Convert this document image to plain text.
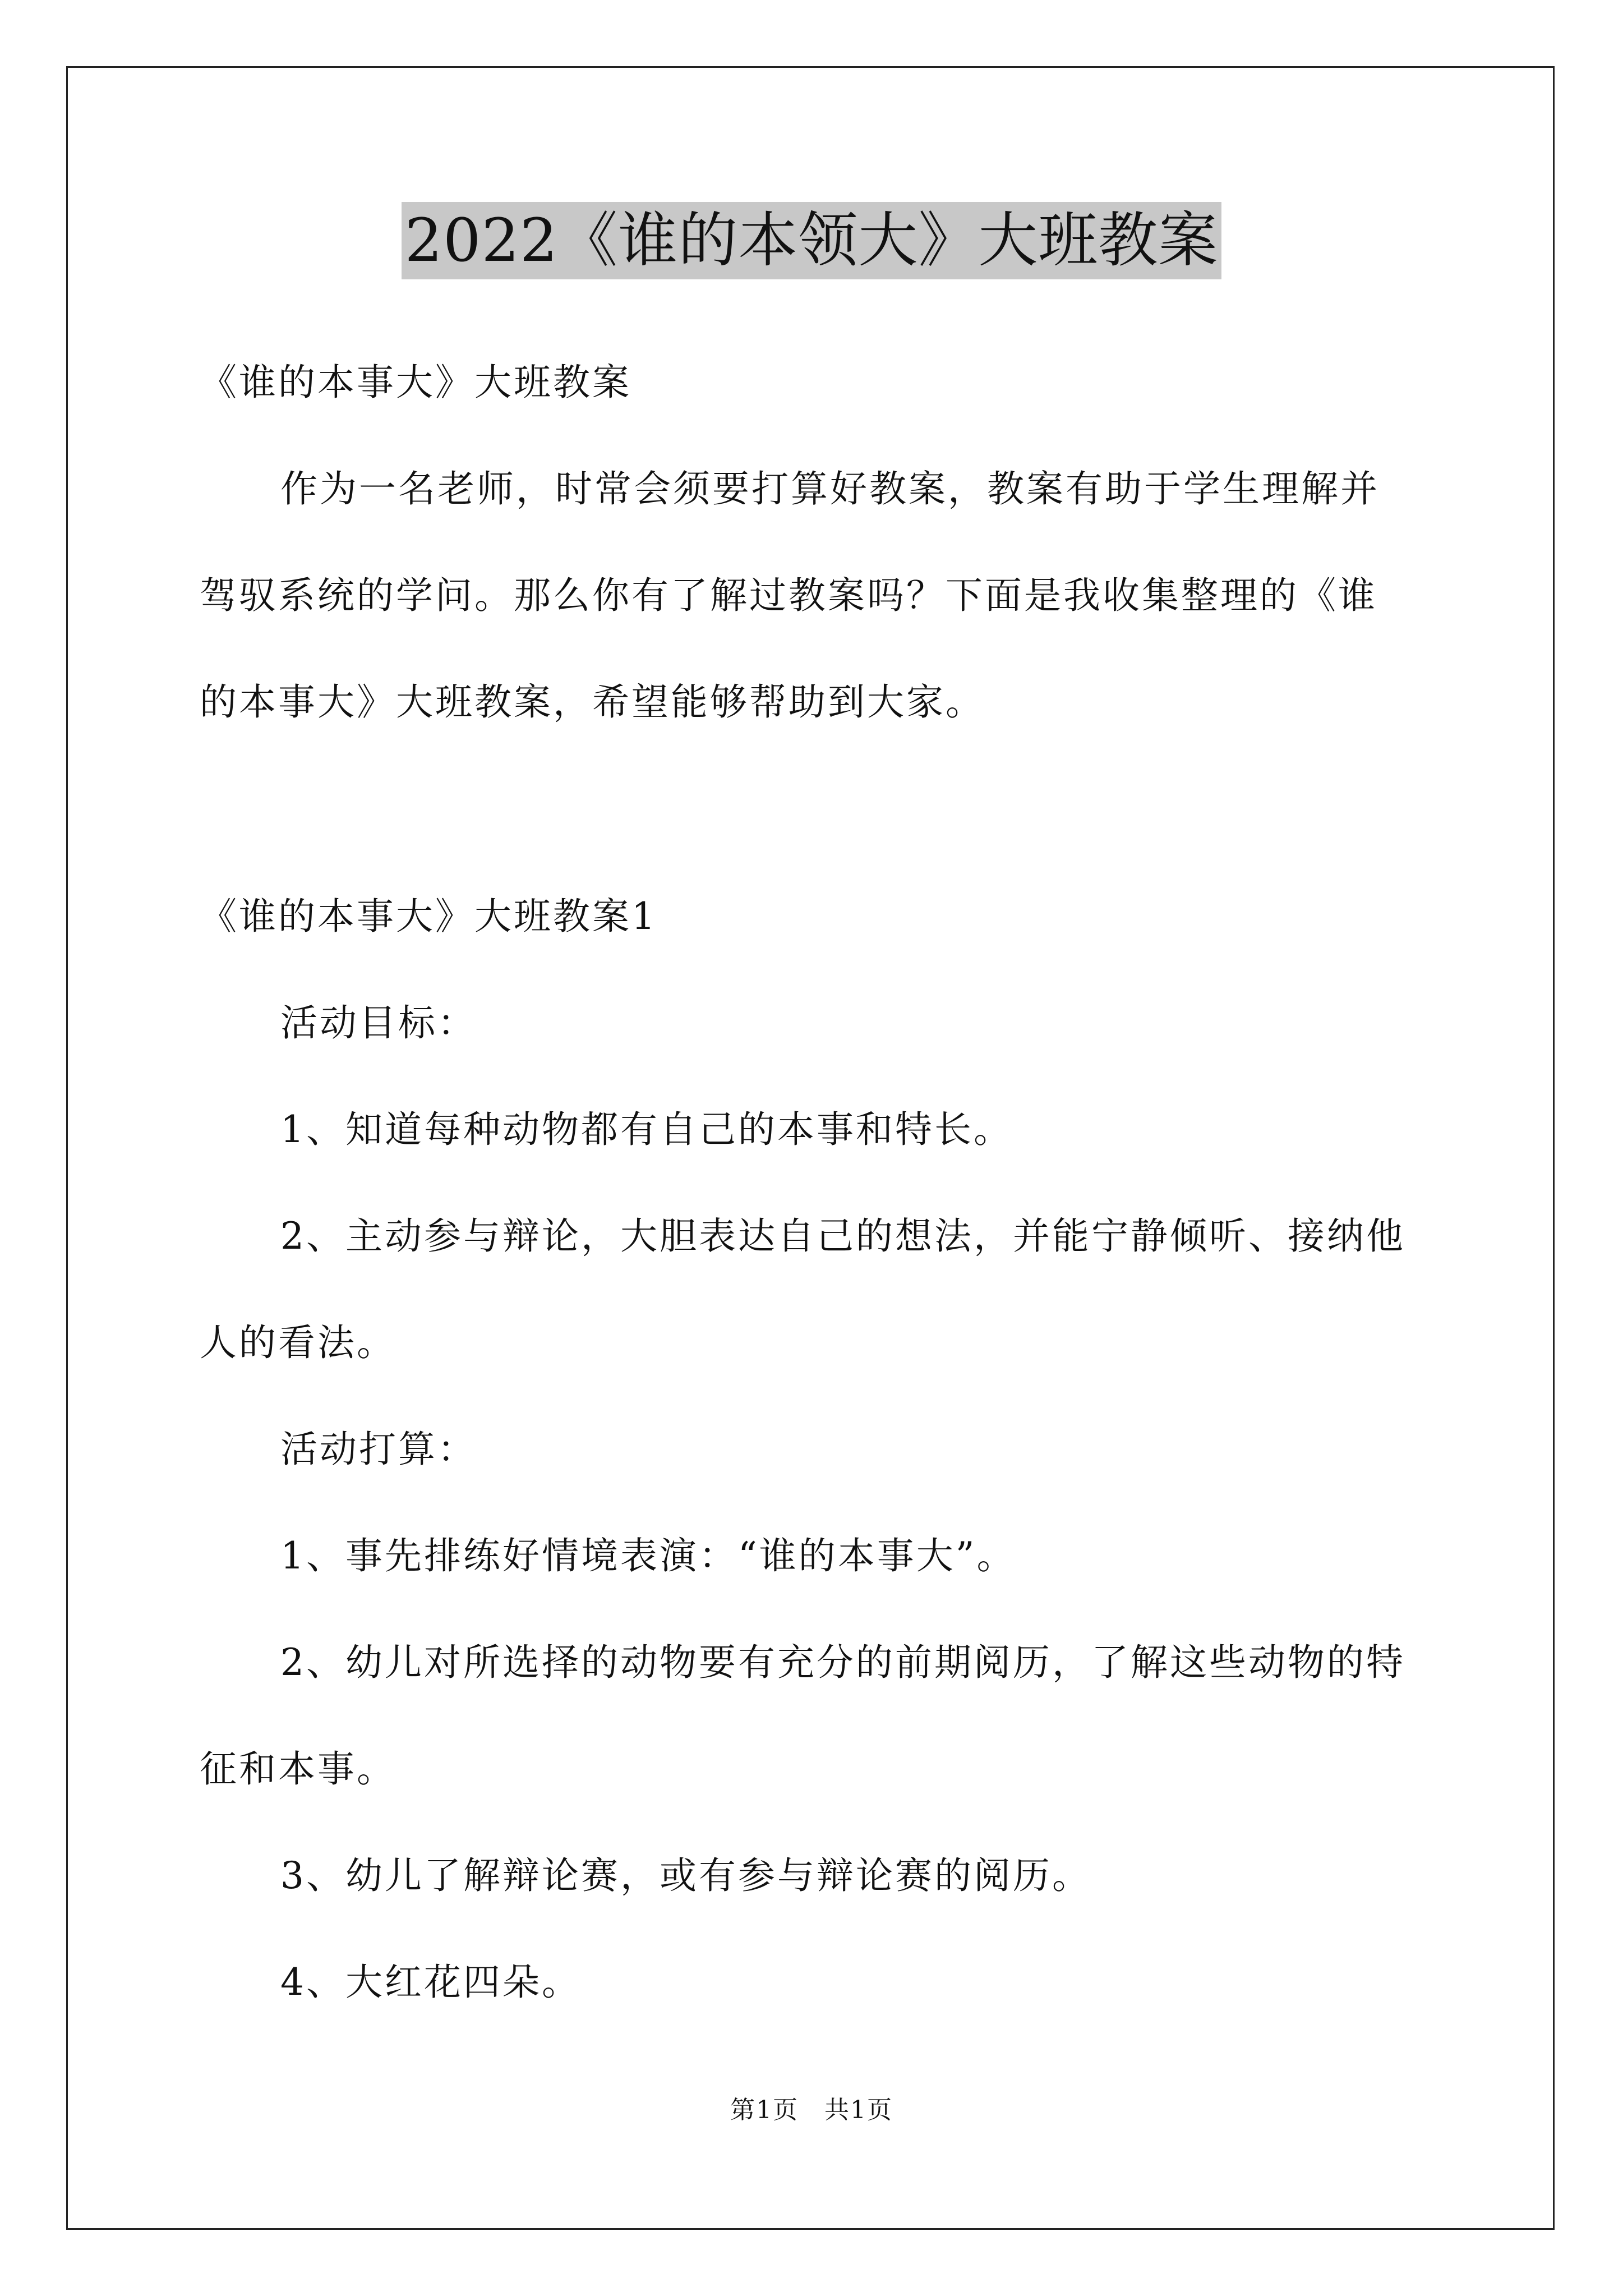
2022《谁的本领大》大班教案
《谁的本事大》大班教案
作为一名老师，时常会须要打算好教案，教案有助于学生理解并
驾驭系统的学问。那么你有了解过教案吗？下面是我收集整理的《谁
的本事大》大班教案，希望能够帮助到大家。
《谁的本事大》大班教案1
活动目标：
1、知道每种动物都有自己的本事和特长。
2、主动参与辩论，大胆表达自己的想法，并能宁静倾听、接纳他
人的看法。
活动打算：
1、事先排练好情境表演：“谁的本事大”。
2、幼儿对所选择的动物要有充分的前期阅历，了解这些动物的特
征和本事。
3、幼儿了解辩论赛，或有参与辩论赛的阅历。
4、大红花四朵。
第1页　共1页
